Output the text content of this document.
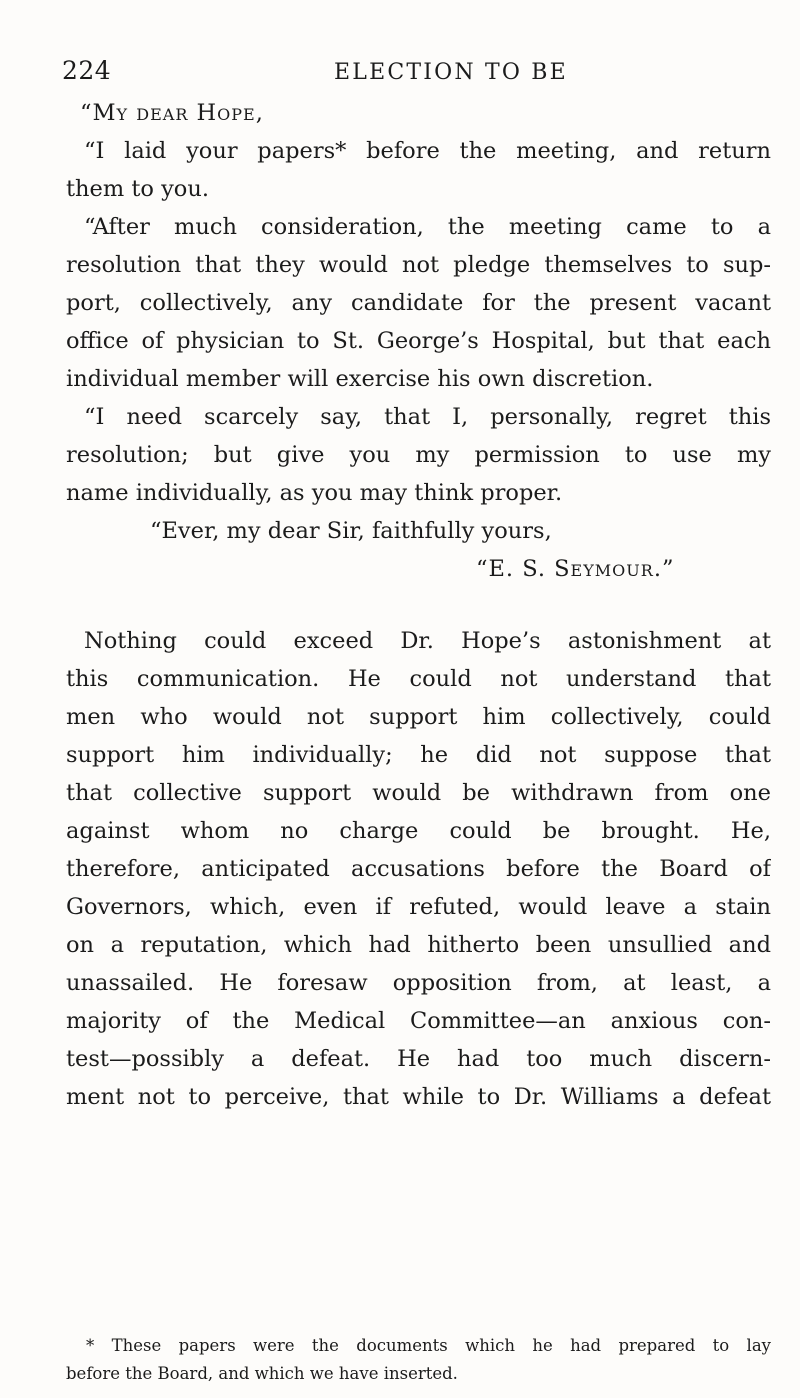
224	ELECTION TO BE
“My dear Hope,
“I laid your papers* before the meeting, and return
them to you.
“After much consideration, the meeting came to a
resolution that they would not pledge themselves to sup-
port, collectively, any candidate for the present vacant
office of physician to St. George’s Hospital, but that each
individual member will exercise his own discretion.
“I need scarcely say, that I, personally, regret this
resolution; but give you my permission to use my
name individually, as you may think proper.
“Ever, my dear Sir, faithfully yours,
“E. S. Seymour.”
Nothing could exceed Dr. Hope’s astonishment at
this communication. He could not understand that
men who would not support him collectively, could
support him individually; he did not suppose that
that collective support would be withdrawn from one
against whom no charge could be brought. He,
therefore, anticipated accusations before the Board of
Governors, which, even if refuted, would leave a stain
on a reputation, which had hitherto been unsullied and
unassailed. He foresaw opposition from, at least, a
majority of the Medical Committee—an anxious con-
test—possibly a defeat. He had too much discern-
ment not to perceive, that while to Dr. Williams a defeat
* These papers were the documents which he had prepared to lay
before the Board, and which we have inserted.
